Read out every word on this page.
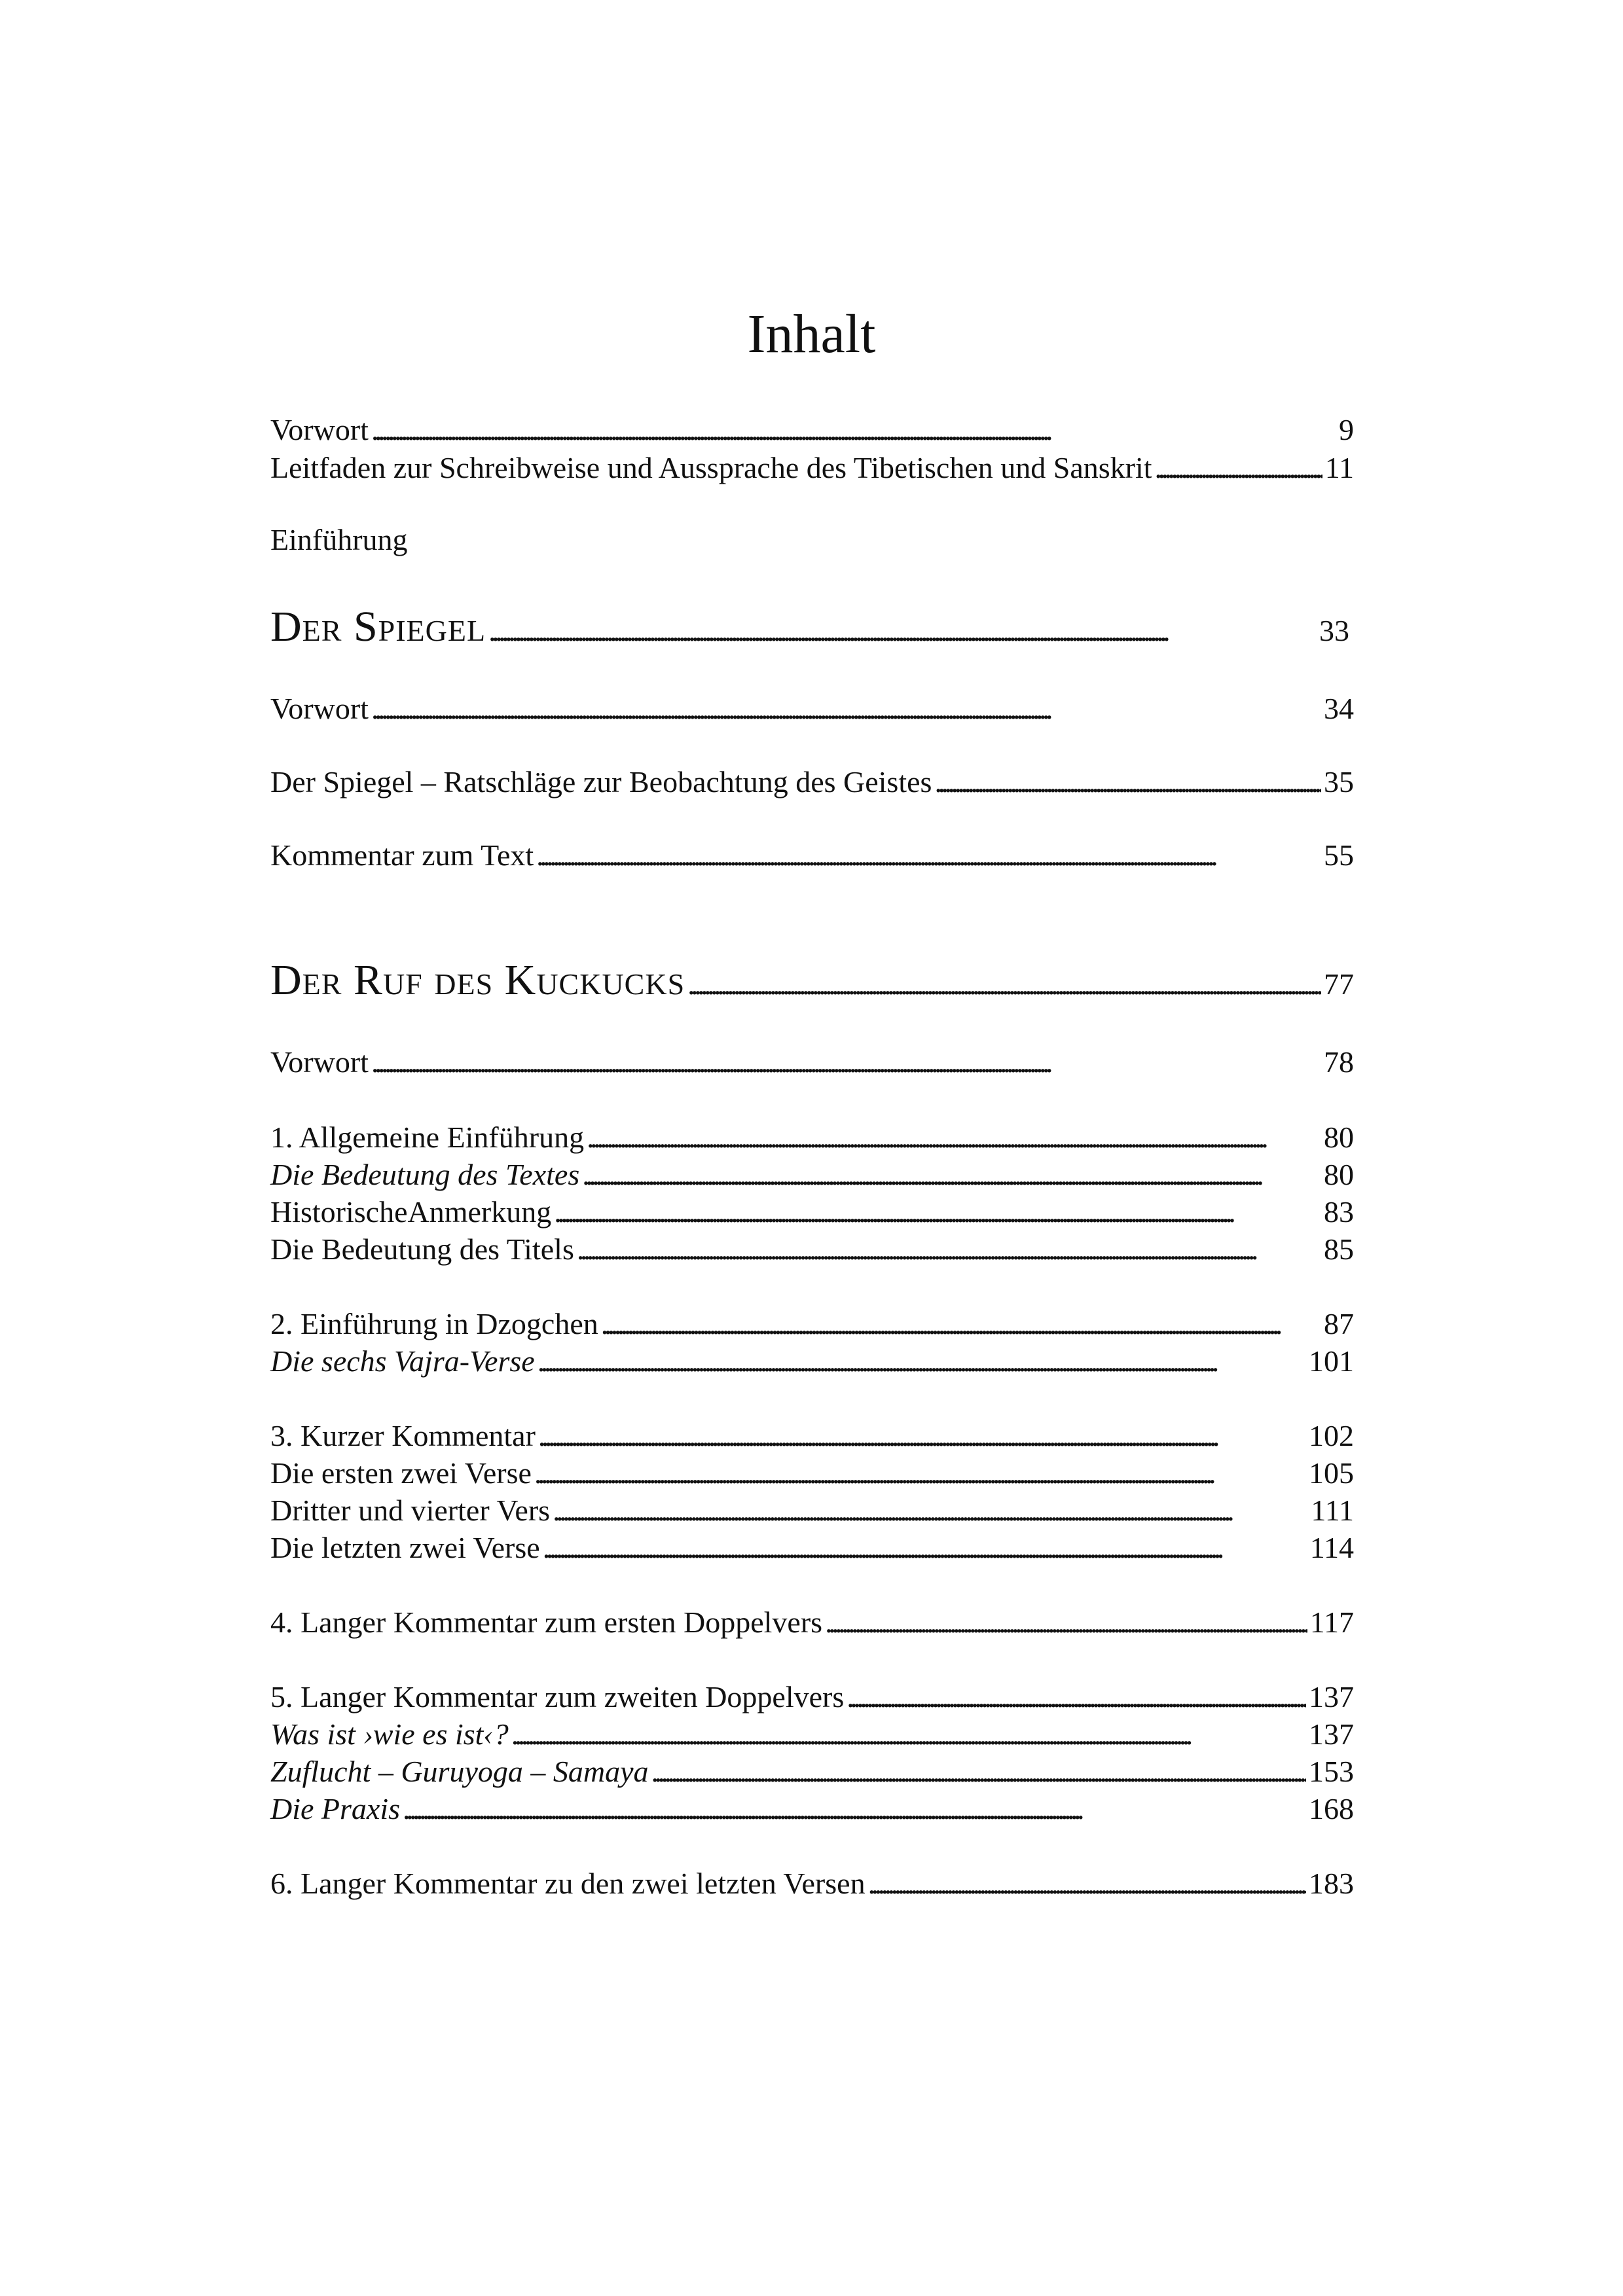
Inhalt
Vorwort . . .	9
Leitfaden zur Schreibweise und Aussprache des Tibetischen und Sanskrit . . .	11
Einführung
Der Spiegel . . .	33
Vorwort . . .	34
Der Spiegel – Ratschläge zur Beobachtung des Geistes . . .	35
Kommentar zum Text . . .	55
Der Ruf des Kuckucks . . .	77
Vorwort . . .	78
1. Allgemeine Einführung . . .	80
Die Bedeutung des Textes . . .	80
HistorischeAnmerkung . . .	83
Die Bedeutung des Titels . . .	85
2. Einführung in Dzogchen . . .	87
Die sechs Vajra-Verse . . .	101
3. Kurzer Kommentar . . .	102
Die ersten zwei Verse . . .	105
Dritter und vierter Vers . . .	111
Die letzten zwei Verse . . .	114
4. Langer Kommentar zum ersten Doppelvers . . .	117
5. Langer Kommentar zum zweiten Doppelvers . . .	137
Was ist ›wie es ist‹? . . .	137
Zuflucht – Guruyoga – Samaya . . .	153
Die Praxis . . .	168
6. Langer Kommentar zu den zwei letzten Versen . . .	183
